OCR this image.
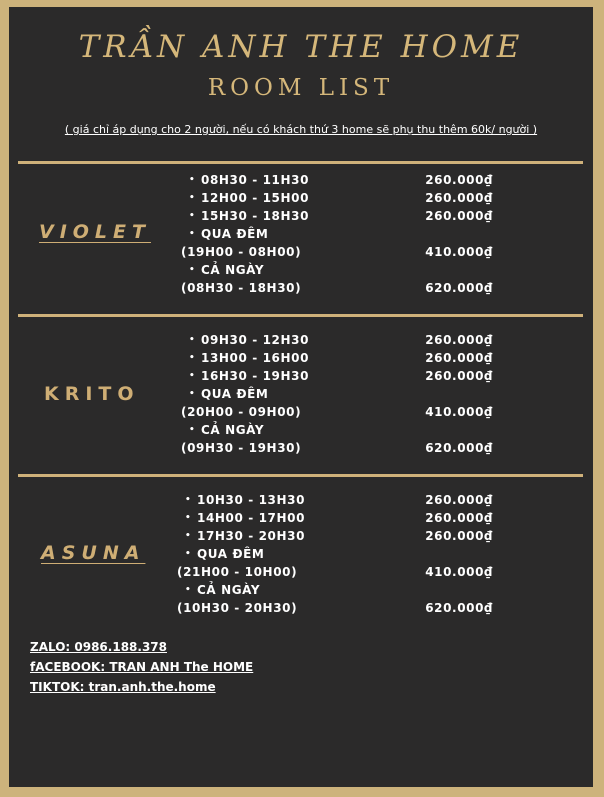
TRẦN ANH THE HOME
ROOM LIST
( giá chỉ áp dụng cho 2 người, nếu có khách thứ 3 home sẽ phụ thu thêm 60k/ người )
VIOLET
• 08H30 - 11H30	260.000₫
• 12H00 - 15H00	260.000₫
• 15H30 - 18H30	260.000₫
• QUA ĐÊM
(19H00 - 08H00)	410.000₫
• CẢ NGÀY
(08H30 - 18H30)	620.000₫
KRITO
• 09H30 - 12H30	260.000₫
• 13H00 - 16H00	260.000₫
• 16H30 - 19H30	260.000₫
• QUA ĐÊM
(20H00 - 09H00)	410.000₫
• CẢ NGÀY
(09H30 - 19H30)	620.000₫
ASUNA
• 10H30 - 13H30	260.000₫
• 14H00 - 17H00	260.000₫
• 17H30 - 20H30	260.000₫
• QUA ĐÊM
(21H00 - 10H00)	410.000₫
• CẢ NGÀY
(10H30 - 20H30)	620.000₫
ZALO: 0986.188.378
fACEBOOK: TRAN ANH The HOME
TIKTOK: tran.anh.the.home
